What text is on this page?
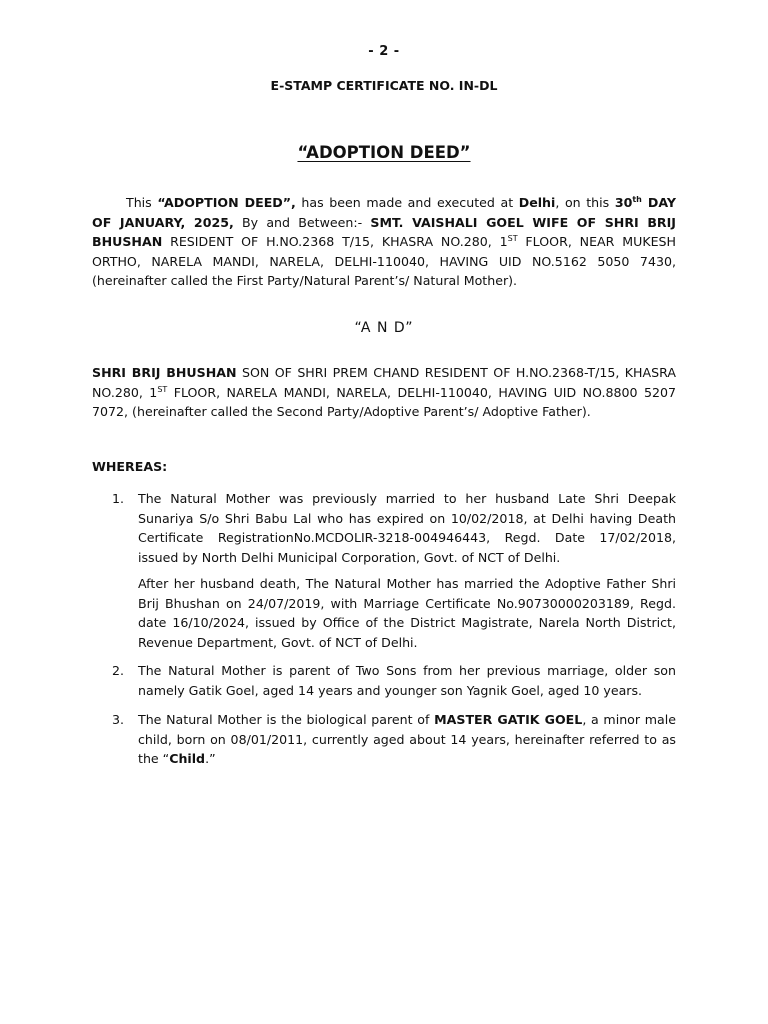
- 2 -
E-STAMP CERTIFICATE NO. IN-DL
“ADOPTION DEED”

This “ADOPTION DEED”, has been made and executed at Delhi, on this 30th DAY OF JANUARY, 2025, By and Between:- SMT. VAISHALI GOEL WIFE OF SHRI BRIJ BHUSHAN RESIDENT OF H.NO.2368 T/15, KHASRA NO.280, 1ST FLOOR, NEAR MUKESH ORTHO, NARELA MANDI, NARELA, DELHI-110040, HAVING UID NO.5162 5050 7430, (hereinafter called the First Party/Natural Parent’s/ Natural Mother).

“A N D”

SHRI BRIJ BHUSHAN SON OF SHRI PREM CHAND RESIDENT OF H.NO.2368-T/15, KHASRA NO.280, 1ST FLOOR, NARELA MANDI, NARELA, DELHI-110040, HAVING UID NO.8800 5207 7072, (hereinafter called the Second Party/Adoptive Parent’s/ Adoptive Father).

WHEREAS:
1. The Natural Mother was previously married to her husband Late Shri Deepak Sunariya S/o Shri Babu Lal who has expired on 10/02/2018, at Delhi having Death Certificate RegistrationNo.MCDOLIR-3218-004946443, Regd. Date 17/02/2018, issued by North Delhi Municipal Corporation, Govt. of NCT of Delhi.

After her husband death, The Natural Mother has married the Adoptive Father Shri Brij Bhushan on 24/07/2019, with Marriage Certificate No.90730000203189, Regd. date 16/10/2024, issued by Office of the District Magistrate, Narela North District, Revenue Department, Govt. of NCT of Delhi.

2. The Natural Mother is parent of Two Sons from her previous marriage, older son namely Gatik Goel, aged 14 years and younger son Yagnik Goel, aged 10 years.

3. The Natural Mother is the biological parent of MASTER GATIK GOEL, a minor male child, born on 08/01/2011, currently aged about 14 years, hereinafter referred to as the “Child.”
